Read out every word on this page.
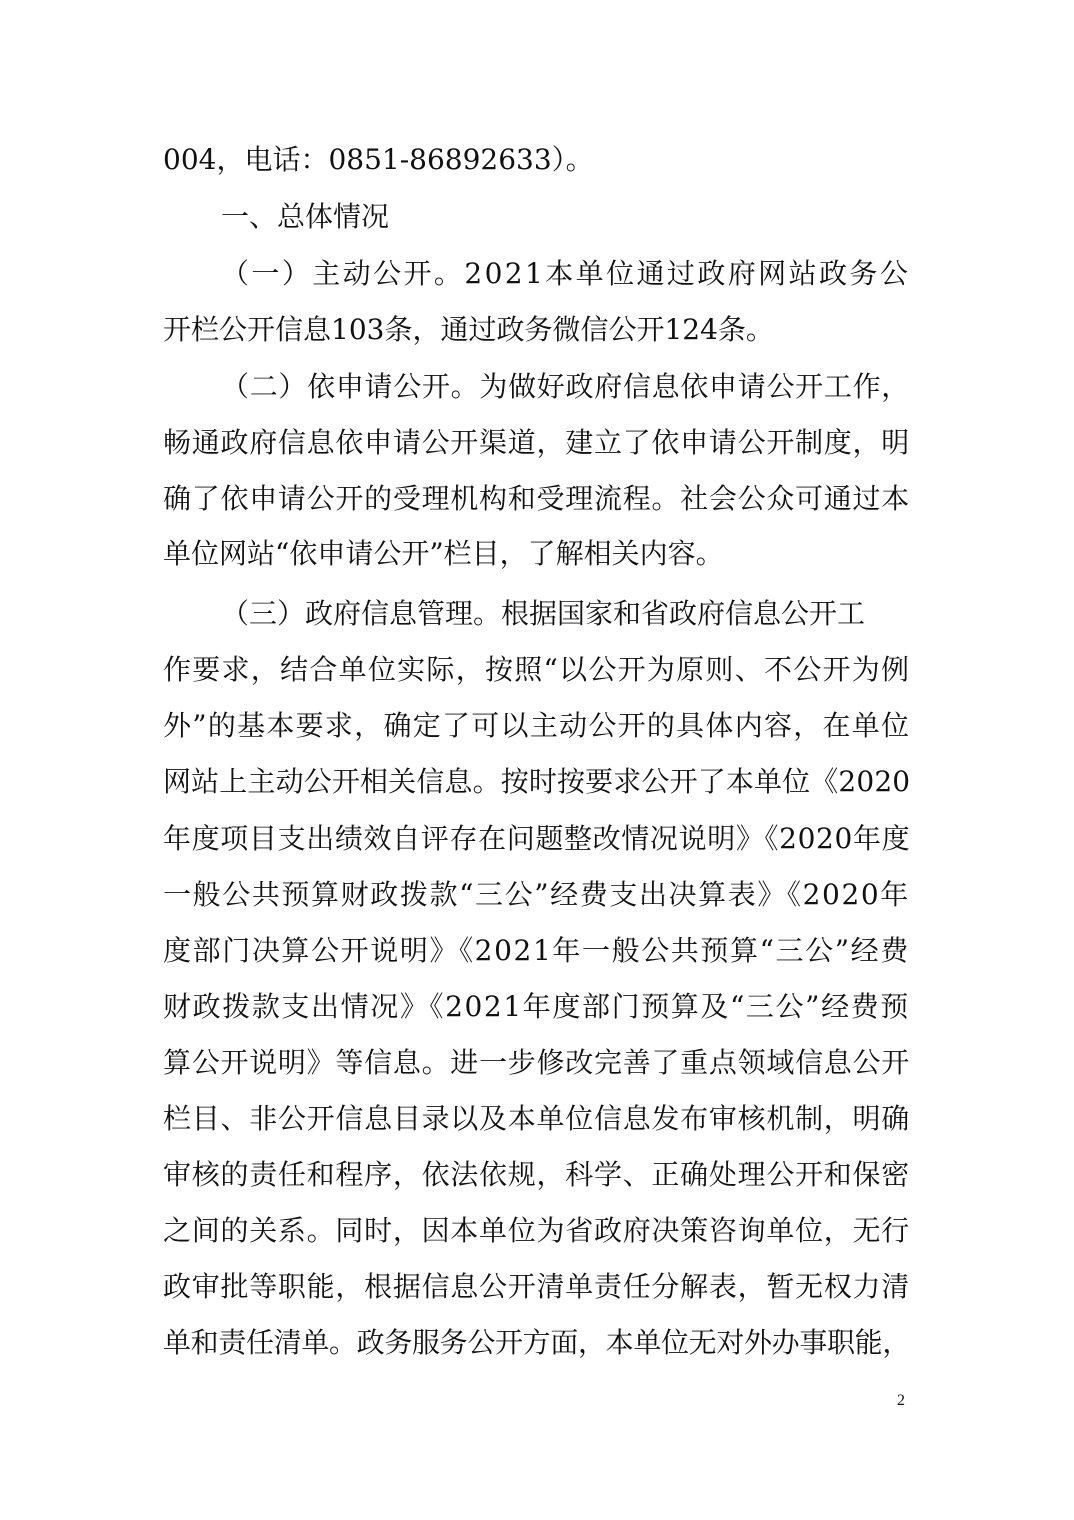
004，电话：0851-86892633）。
一、总体情况
（一）主动公开。2021本单位通过政府网站政务公
开栏公开信息103条，通过政务微信公开124条。
（二）依申请公开。为做好政府信息依申请公开工作，
畅通政府信息依申请公开渠道，建立了依申请公开制度，明
确了依申请公开的受理机构和受理流程。社会公众可通过本
单位网站“依申请公开”栏目，了解相关内容。
（三）政府信息管理。根据国家和省政府信息公开工
作要求，结合单位实际，按照“以公开为原则、不公开为例
外”的基本要求，确定了可以主动公开的具体内容，在单位
网站上主动公开相关信息。按时按要求公开了本单位《2020
年度项目支出绩效自评存在问题整改情况说明》《2020年度
一般公共预算财政拨款“三公”经费支出决算表》《2020年
度部门决算公开说明》《2021年一般公共预算“三公”经费
财政拨款支出情况》《2021年度部门预算及“三公”经费预
算公开说明》等信息。进一步修改完善了重点领域信息公开
栏目、非公开信息目录以及本单位信息发布审核机制，明确
审核的责任和程序，依法依规，科学、正确处理公开和保密
之间的关系。同时，因本单位为省政府决策咨询单位，无行
政审批等职能，根据信息公开清单责任分解表，暂无权力清
单和责任清单。政务服务公开方面，本单位无对外办事职能，
2
